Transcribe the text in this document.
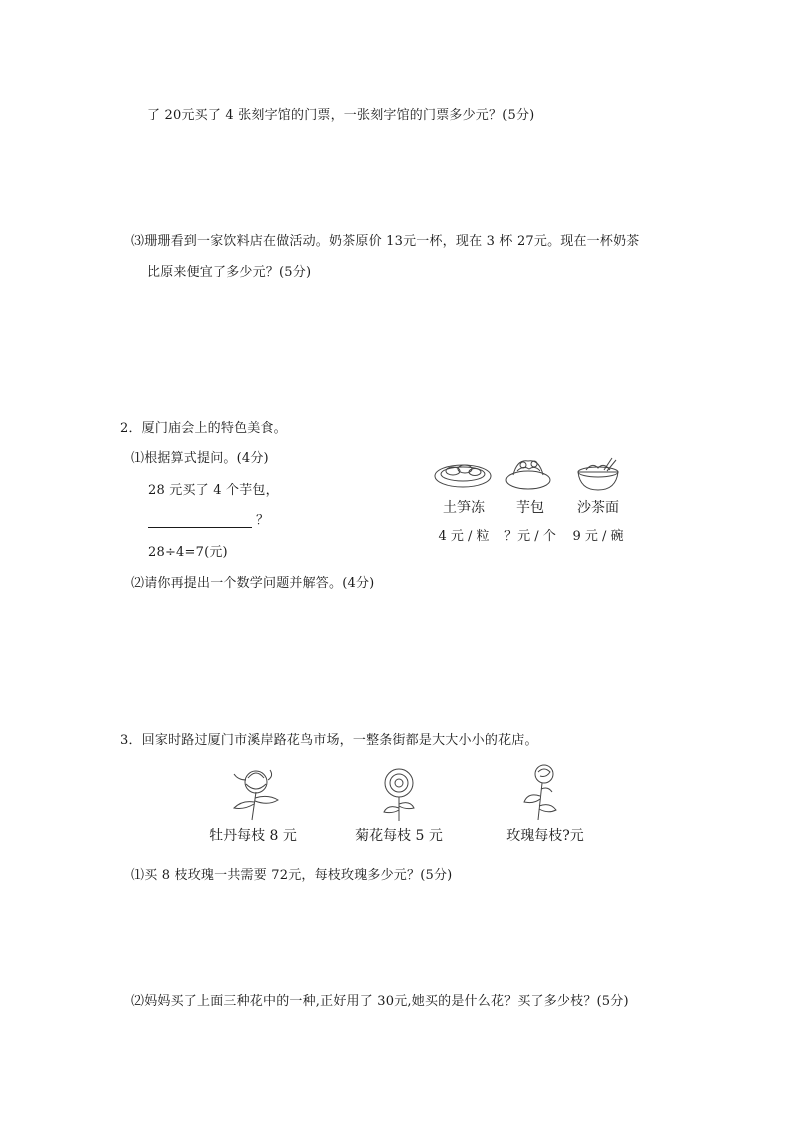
了 20元买了 4 张刻字馆的门票，一张刻字馆的门票多少元？(5分)
⑶珊珊看到一家饮料店在做活动。奶茶原价 13元一杯，现在 3 杯 27元。现在一杯奶茶
比原来便宜了多少元？(5分)
2．厦门庙会上的特色美食。
⑴根据算式提问。(4分)
28 元买了 4 个芋包，
？
28÷4=7(元)
⑵请你再提出一个数学问题并解答。(4分)
土笋冻	芋包	沙茶面
4 元 / 粒	？元 / 个	9 元 / 碗
3．回家时路过厦门市溪岸路花鸟市场，一整条街都是大大小小的花店。
牡丹每枝 8 元	菊花每枝 5 元	玫瑰每枝?元
⑴买 8 枝玫瑰一共需要 72元，每枝玫瑰多少元？(5分)
⑵妈妈买了上面三种花中的一种,正好用了 30元,她买的是什么花？买了多少枝？(5分)
